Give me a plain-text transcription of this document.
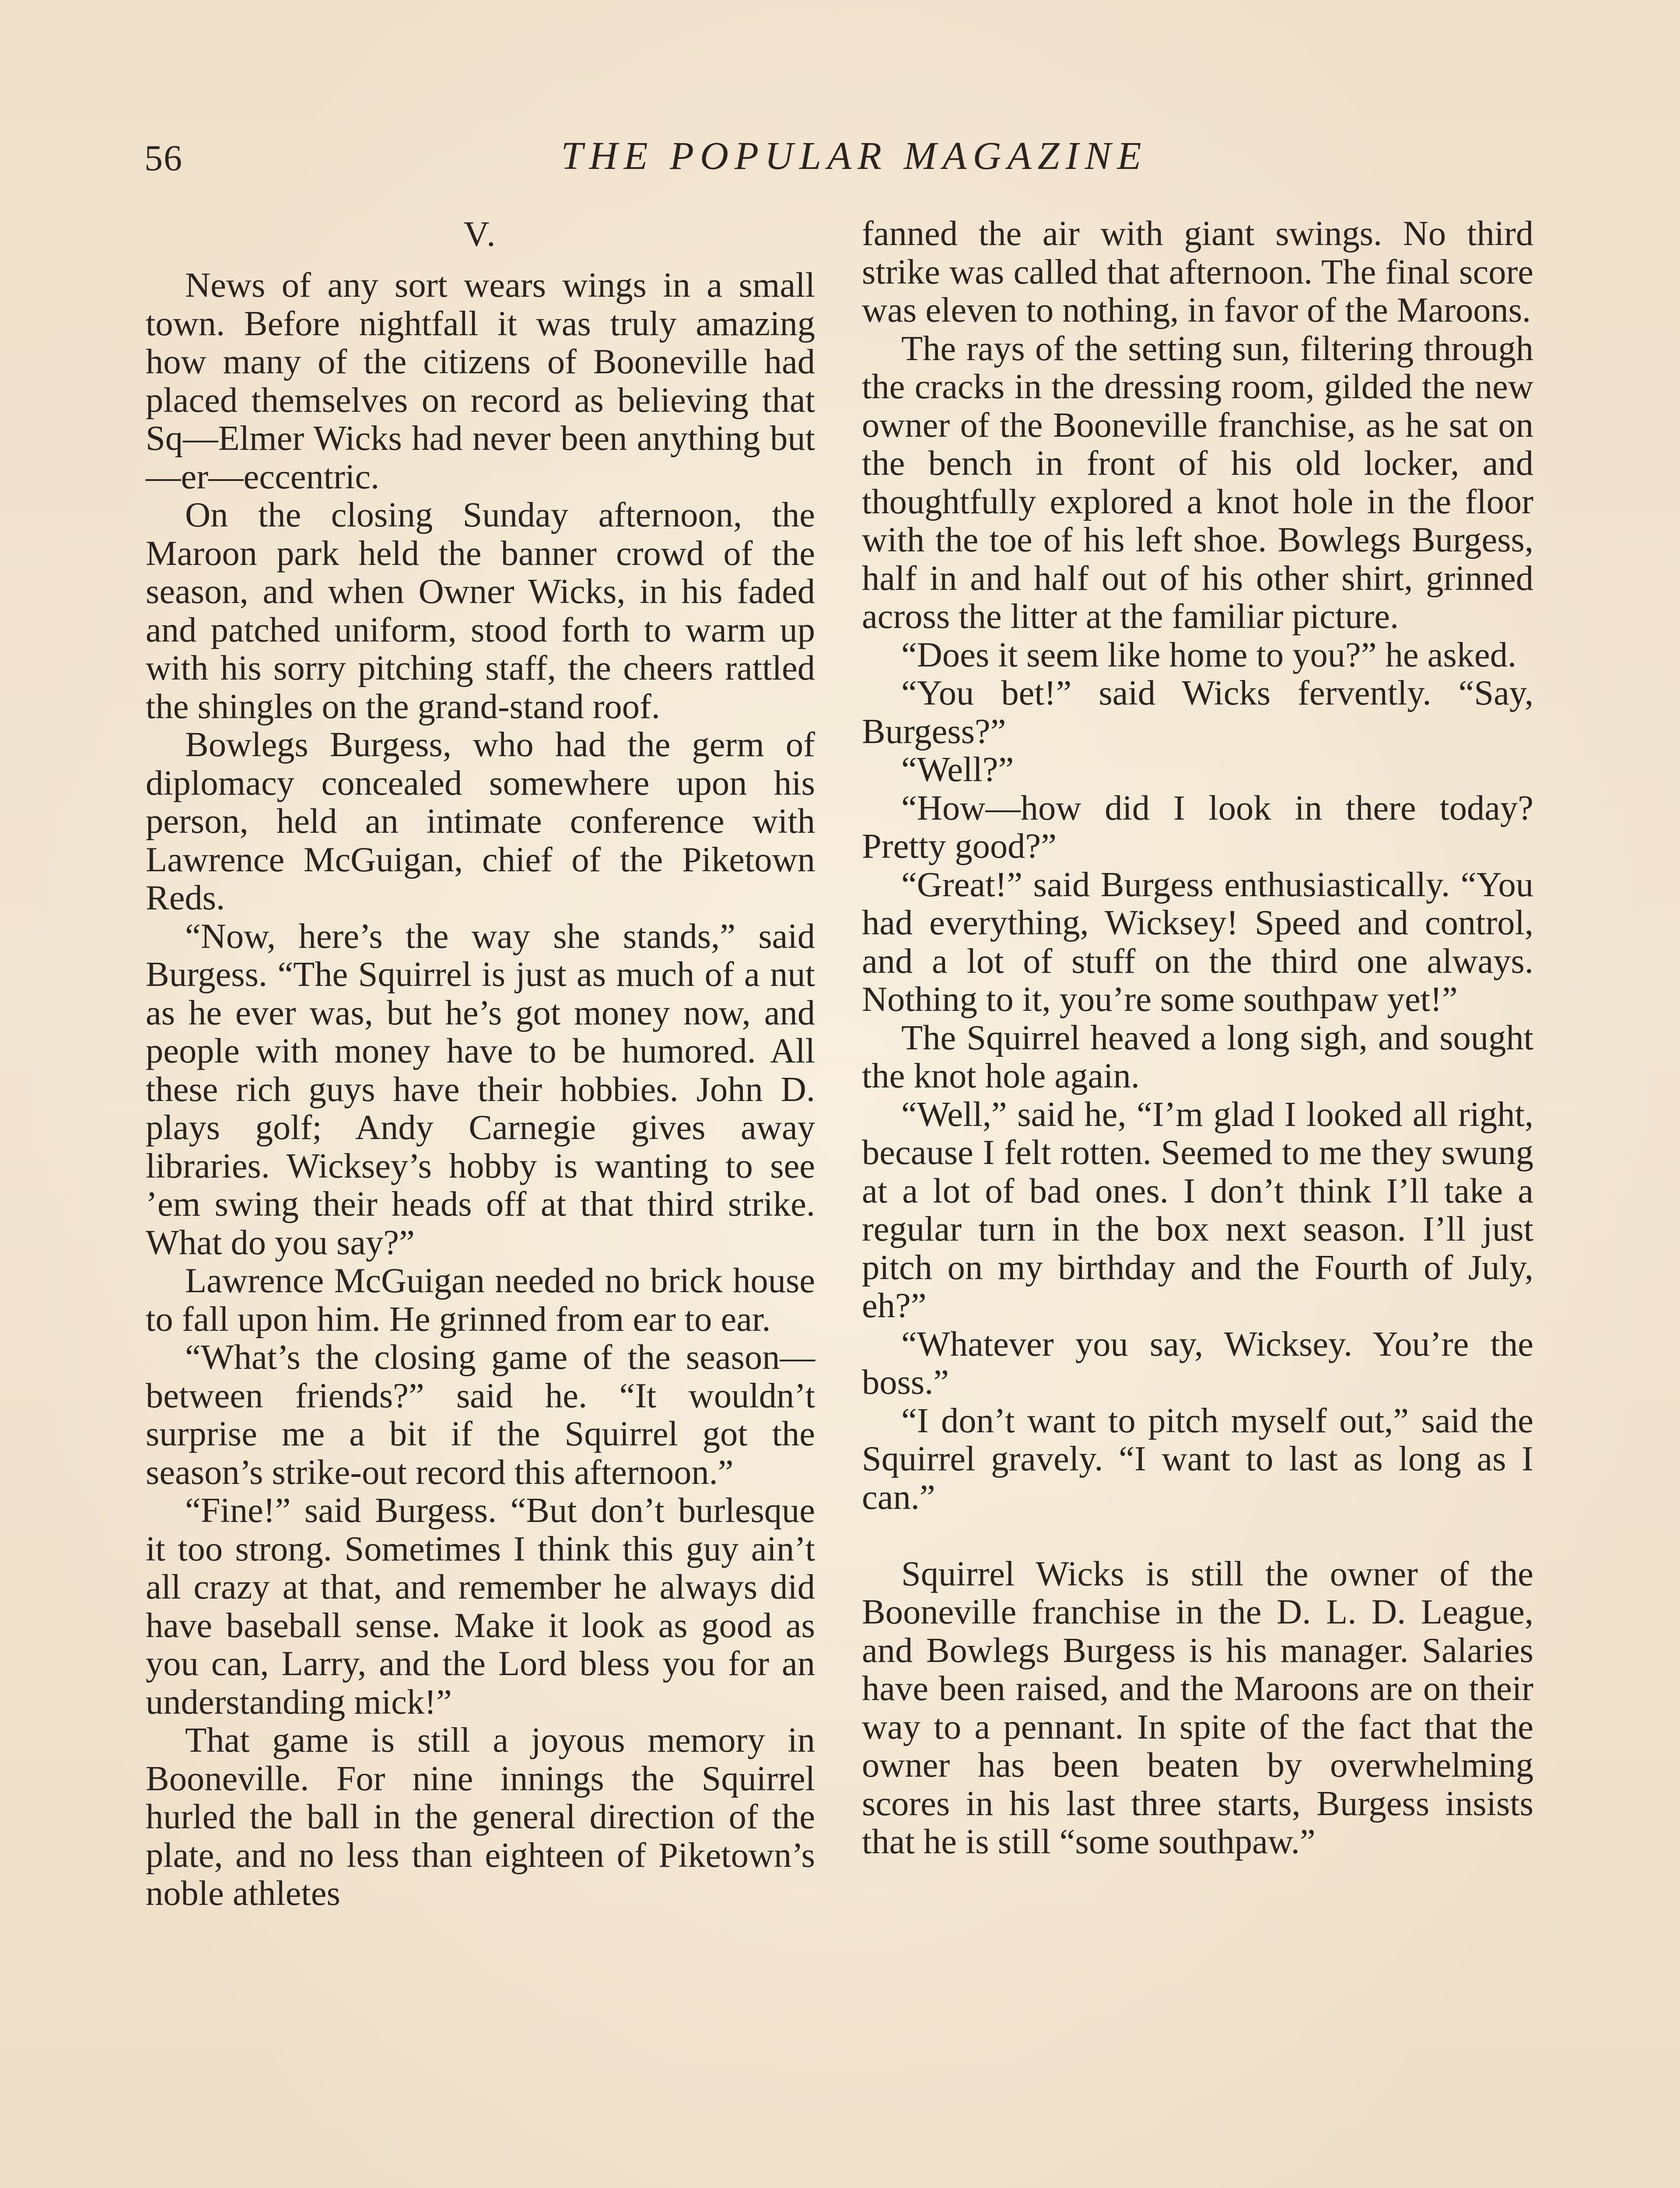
56	THE POPULAR MAGAZINE

V.

News of any sort wears wings in a small town. Before nightfall it was truly amazing how many of the citizens of Booneville had placed themselves on record as believing that Sq—Elmer Wicks had never been anything but—er—eccentric.

On the closing Sunday afternoon, the Maroon park held the banner crowd of the season, and when Owner Wicks, in his faded and patched uniform, stood forth to warm up with his sorry pitching staff, the cheers rattled the shingles on the grand-stand roof.

Bowlegs Burgess, who had the germ of diplomacy concealed somewhere upon his person, held an intimate conference with Lawrence McGuigan, chief of the Piketown Reds.

“Now, here’s the way she stands,” said Burgess. “The Squirrel is just as much of a nut as he ever was, but he’s got money now, and people with money have to be humored. All these rich guys have their hobbies. John D. plays golf; Andy Carnegie gives away libraries. Wicksey’s hobby is wanting to see ’em swing their heads off at that third strike. What do you say?”

Lawrence McGuigan needed no brick house to fall upon him. He grinned from ear to ear.

“What’s the closing game of the season—between friends?” said he. “It wouldn’t surprise me a bit if the Squirrel got the season’s strike-out record this afternoon.”

“Fine!” said Burgess. “But don’t burlesque it too strong. Sometimes I think this guy ain’t all crazy at that, and remember he always did have baseball sense. Make it look as good as you can, Larry, and the Lord bless you for an understanding mick!”

That game is still a joyous memory in Booneville. For nine innings the Squirrel hurled the ball in the general direction of the plate, and no less than eighteen of Piketown’s noble athletes

fanned the air with giant swings. No third strike was called that afternoon. The final score was eleven to nothing, in favor of the Maroons.

The rays of the setting sun, filtering through the cracks in the dressing room, gilded the new owner of the Booneville franchise, as he sat on the bench in front of his old locker, and thoughtfully explored a knot hole in the floor with the toe of his left shoe. Bowlegs Burgess, half in and half out of his other shirt, grinned across the litter at the familiar picture.

“Does it seem like home to you?” he asked.

“You bet!” said Wicks fervently. “Say, Burgess?”

“Well?”

“How—how did I look in there today? Pretty good?”

“Great!” said Burgess enthusiastically. “You had everything, Wicksey! Speed and control, and a lot of stuff on the third one always. Nothing to it, you’re some southpaw yet!”

The Squirrel heaved a long sigh, and sought the knot hole again.

“Well,” said he, “I’m glad I looked all right, because I felt rotten. Seemed to me they swung at a lot of bad ones. I don’t think I’ll take a regular turn in the box next season. I’ll just pitch on my birthday and the Fourth of July, eh?”

“Whatever you say, Wicksey. You’re the boss.”

“I don’t want to pitch myself out,” said the Squirrel gravely. “I want to last as long as I can.”

Squirrel Wicks is still the owner of the Booneville franchise in the D. L. D. League, and Bowlegs Burgess is his manager. Salaries have been raised, and the Maroons are on their way to a pennant. In spite of the fact that the owner has been beaten by overwhelming scores in his last three starts, Burgess insists that he is still “some southpaw.”
